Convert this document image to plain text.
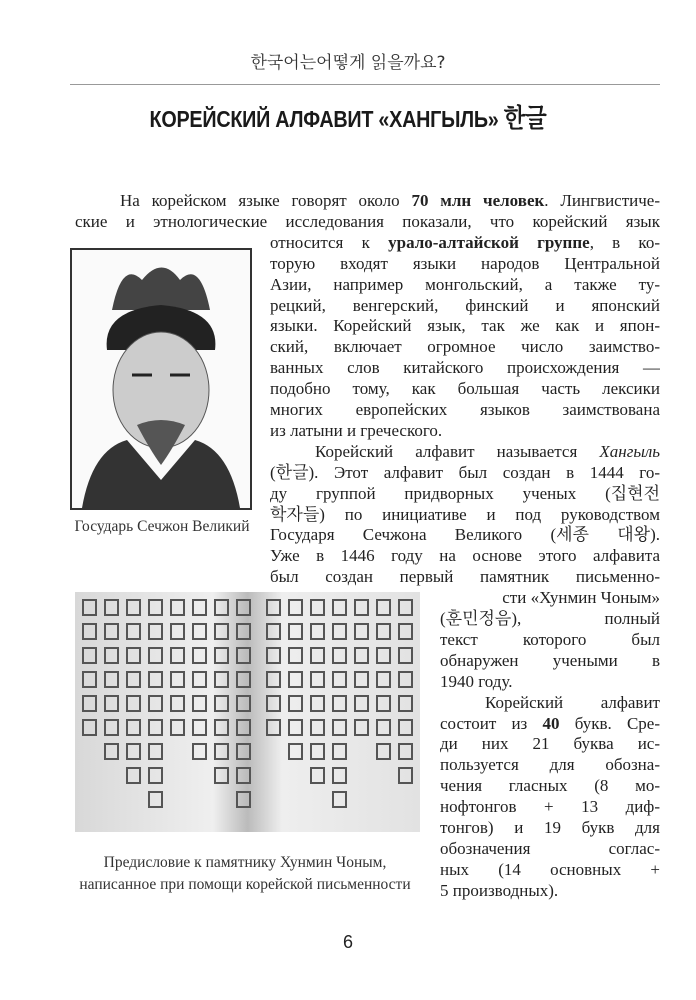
한국어는어떻게 읽을까요?
КОРЕЙСКИЙ АЛФАВИТ «ХАНГЫЛЬ» 한글
На корейском языке говорят около 70 млн человек. Лингвистиче-
ские и этнологические исследования показали, что корейский язык
относится к урало-алтайской группе, в ко-
торую входят языки народов Центральной
Азии, например монгольский, а также ту-
рецкий, венгерский, финский и японский
языки. Корейский язык, так же как и япон-
ский, включает огромное число заимство-
ванных слов китайского происхождения —
подобно тому, как большая часть лексики
многих европейских языков заимствована
из латыни и греческого.
Корейский алфавит называется Хангыль
(한글). Этот алфавит был создан в 1444 го-
ду группой придворных ученых (집현전
학자들) по инициативе и под руководством
Государя Сечжона Великого (세종 대왕).
Уже в 1446 году на основе этого алфавита
был создан первый памятник письменно-
сти «Хунмин Чоным»
(훈민정음), полный
текст которого был
обнаружен учеными в
1940 году.
Корейский алфавит
состоит из 40 букв. Сре-
ди них 21 буква ис-
пользуется для обозна-
чения гласных (8 мо-
нофтонгов + 13 диф-
тонгов) и 19 букв для
обозначения соглас-
ных (14 основных +
5 производных).
Государь Сечжон Великий
Предисловие к памятнику Хунмин Чоным,
написанное при помощи корейской письменности
6
